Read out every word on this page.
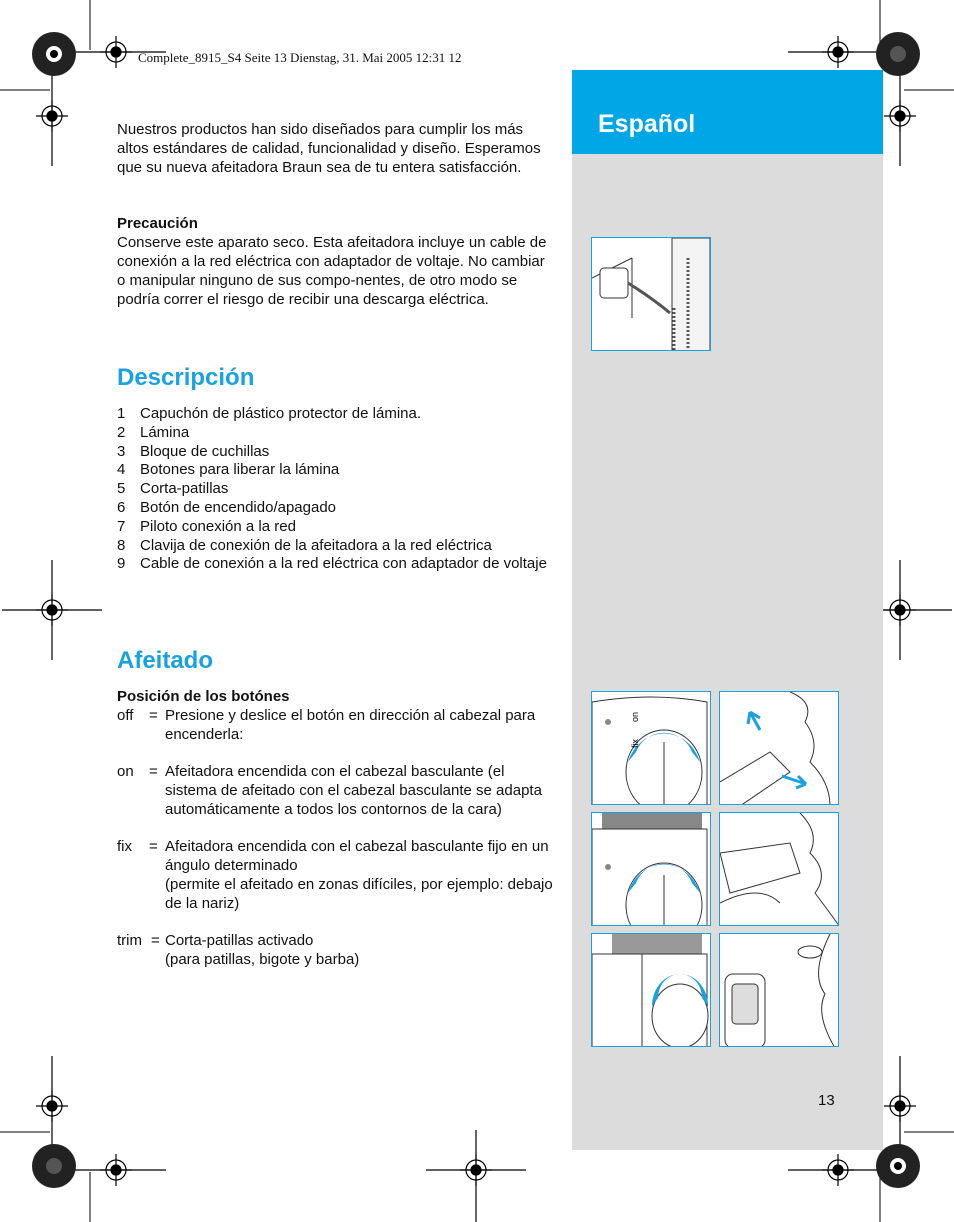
Complete_8915_S4 Seite 13 Dienstag, 31. Mai 2005 12:31 12
Español

Nuestros productos han sido diseñados para cumplir los más altos estándares de calidad, funcionalidad y diseño. Esperamos que su nueva afeitadora Braun sea de tu entera satisfacción.

Precaución

Conserve este aparato seco. Esta afeitadora incluye un cable de conexión a la red eléctrica con adaptador de voltaje. No cambiar o manipular ninguno de sus compo-nentes, de otro modo se podría correr el riesgo de recibir una descarga eléctrica.

Descripción
1 Capuchón de plástico protector de lámina.
2 Lámina
3 Bloque de cuchillas
4 Botones para liberar la lámina
5 Corta-patillas
6 Botón de encendido/apagado
7 Piloto conexión a la red
8 Clavija de conexión de la afeitadora a la red eléctrica
9 Cable de conexión a la red eléctrica con adaptador de voltaje
Afeitado
Posición de los botónes
off	= Presione y deslice el botón en dirección al cabezal para encenderla:
on	= Afeitadora encendida con el cabezal basculante (el sistema de afeitado con el cabezal basculante se adapta automáticamente a todos los contornos de la cara)
fix	= Afeitadora encendida con el cabezal basculante fijo en un ángulo determinado
(permite el afeitado en zonas difíciles, por ejemplo: debajo de la nariz)
trim = Corta-patillas activado
(para patillas, bigote y barba)
fix
on
13
